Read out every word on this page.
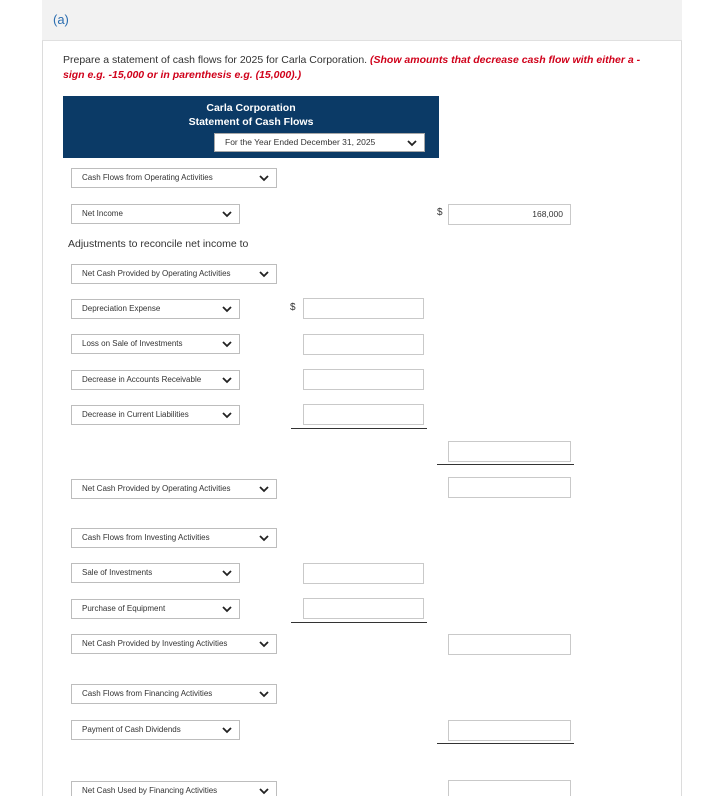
(a)
Prepare a statement of cash flows for 2025 for Carla Corporation. (Show amounts that decrease cash flow with either a - sign e.g. -15,000 or in parenthesis e.g. (15,000).)
Carla Corporation
Statement of Cash Flows
For the Year Ended December 31, 2025
Cash Flows from Operating Activities
Net Income	$	168,000
Adjustments to reconcile net income to
Net Cash Provided by Operating Activities
Depreciation Expense	$
Loss on Sale of Investments
Decrease in Accounts Receivable
Decrease in Current Liabilities
Net Cash Provided by Operating Activities
Cash Flows from Investing Activities
Sale of Investments
Purchase of Equipment
Net Cash Provided by Investing Activities
Cash Flows from Financing Activities
Payment of Cash Dividends
Net Cash Used by Financing Activities
